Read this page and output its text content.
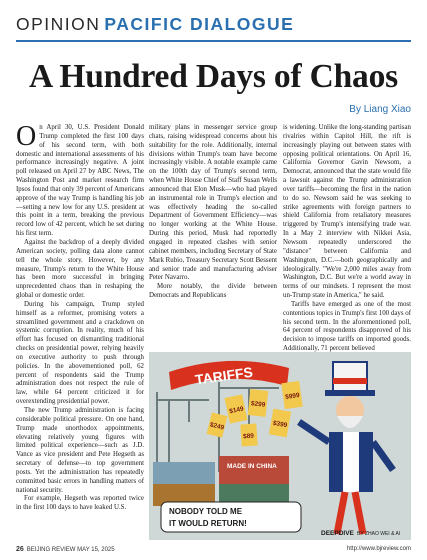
OPINION PACIFIC DIALOGUE
A Hundred Days of Chaos
By Liang Xiao

On April 30, U.S. President Donald Trump completed the first 100 days of his second term, with both domestic and international assessments of his performance increasingly negative. A joint poll released on April 27 by ABC News, The Washington Post and market research firm Ipsos found that only 39 percent of Americans approve of the way Trump is handling his job—setting a new low for any U.S. president at this point in a term, breaking the previous record low of 42 percent, which he set during his first term.

Against the backdrop of a deeply divided American society, polling data alone cannot tell the whole story. However, by any measure, Trump's return to the White House has been more successful in bringing unprecedented chaos than in reshaping the global or domestic order.

During his campaign, Trump styled himself as a reformer, promising voters a streamlined government and a crackdown on systemic corruption. In reality, much of his effort has focused on dismantling traditional checks on presidential power, relying heavily on executive authority to push through policies. In the abovementioned poll, 62 percent of respondents said the Trump administration does not respect the rule of law, while 64 percent criticized it for overextending presidential power.

The new Trump administration is facing considerable political pressure. On one hand, Trump made unorthodox appointments, elevating relatively young figures with limited political experience—such as J.D. Vance as vice president and Pete Hegseth as secretary of defense—to top government posts. Yet the administration has repeatedly committed basic errors in handling matters of national security.

For example, Hegseth was reported twice in the first 100 days to have leaked U.S.

military plans in messenger service group chats, raising widespread concerns about his suitability for the role. Additionally, internal divisions within Trump's team have become increasingly visible. A notable example came on the 100th day of Trump's second term, when White House Chief of Staff Susan Wells announced that Elon Musk—who had played an instrumental role in Trump's election and was effectively heading the so-called Department of Government Efficiency—was no longer working at the White House. During this period, Musk had reportedly engaged in repeated clashes with senior cabinet members, including Secretary of State Mark Rubio, Treasury Secretary Scott Bessent and senior trade and manufacturing adviser Peter Navarro.

More notably, the divide between Democrats and Republicans

is widening. Unlike the long-standing partisan rivalries within Capitol Hill, the rift is increasingly playing out between states with opposing political orientations. On April 16, California Governor Gavin Newsom, a Democrat, announced that the state would file a lawsuit against the Trump administration over tariffs—becoming the first in the nation to do so. Newsom said he was seeking to strike agreements with foreign partners to shield California from retaliatory measures triggered by Trump's intensifying trade war. In a May 2 interview with Nikkei Asia, Newsom repeatedly underscored the "distance" between California and Washington, D.C.—both geographically and ideologically. "We're 2,000 miles away from Washington, D.C. But we're a world away in terms of our mindsets. I represent the most un-Trump state in America," he said.

Tariffs have emerged as one of the most contentious topics in Trump's first 100 days of his second term. In the aforementioned poll, 64 percent of respondents disapproved of his decision to impose tariffs on imported goods. Additionally, 71 percent believed

MADE IN CHINA
TARIFFS
$149
$299
$89
$399
$999
$249
NOBODY TOLD ME
IT WOULD RETURN!
DEEPDIVE BY ZHAO WEI & AI
26 BEIJING REVIEW MAY 15, 2025	http://www.bjreview.com
